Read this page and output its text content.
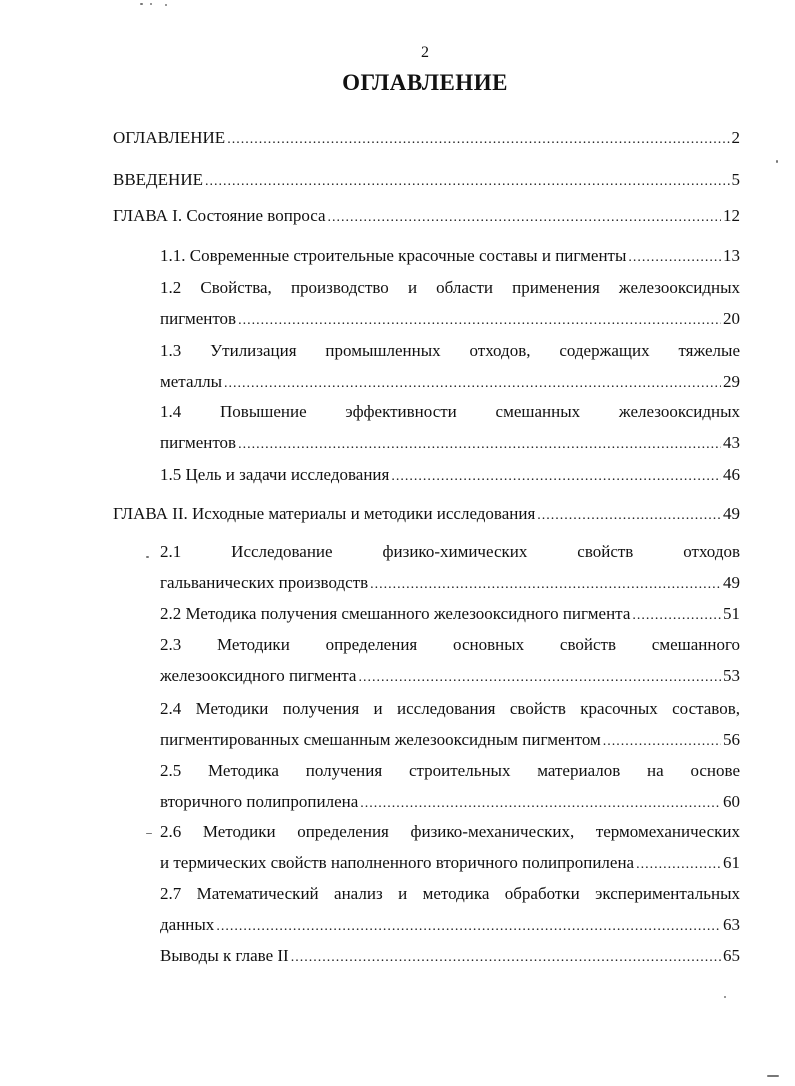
2
ОГЛАВЛЕНИЕ
ОГЛАВЛЕНИЕ .....	2
ВВЕДЕНИЕ .....	5
ГЛАВА I. Состояние вопроса .....	12
1.1. Современные строительные красочные составы и пигменты .....	13
1.2 Свойства, производство и области применения железооксидных
пигментов .....	20
1.3 Утилизация промышленных отходов, содержащих тяжелые
металлы .....	29
1.4 Повышение эффективности смешанных железооксидных
пигментов .....	43
1.5 Цель и задачи исследования .....	46
ГЛАВА II. Исходные материалы и методики исследования .....	49
2.1 Исследование физико-химических свойств отходов
гальванических производств .....	49
2.2 Методика получения смешанного железооксидного пигмента .....	51
2.3 Методики определения основных свойств смешанного
железооксидного пигмента .....	53
2.4 Методики получения и исследования свойств красочных составов,
пигментированных смешанным железооксидным пигментом .....	56
2.5 Методика получения строительных материалов на основе
вторичного полипропилена .....	60
2.6 Методики определения физико-механических, термомеханических
и термических свойств наполненного вторичного полипропилена .....	61
2.7 Математический анализ и методика обработки экспериментальных
данных .....	63
Выводы к главе II .....	65
